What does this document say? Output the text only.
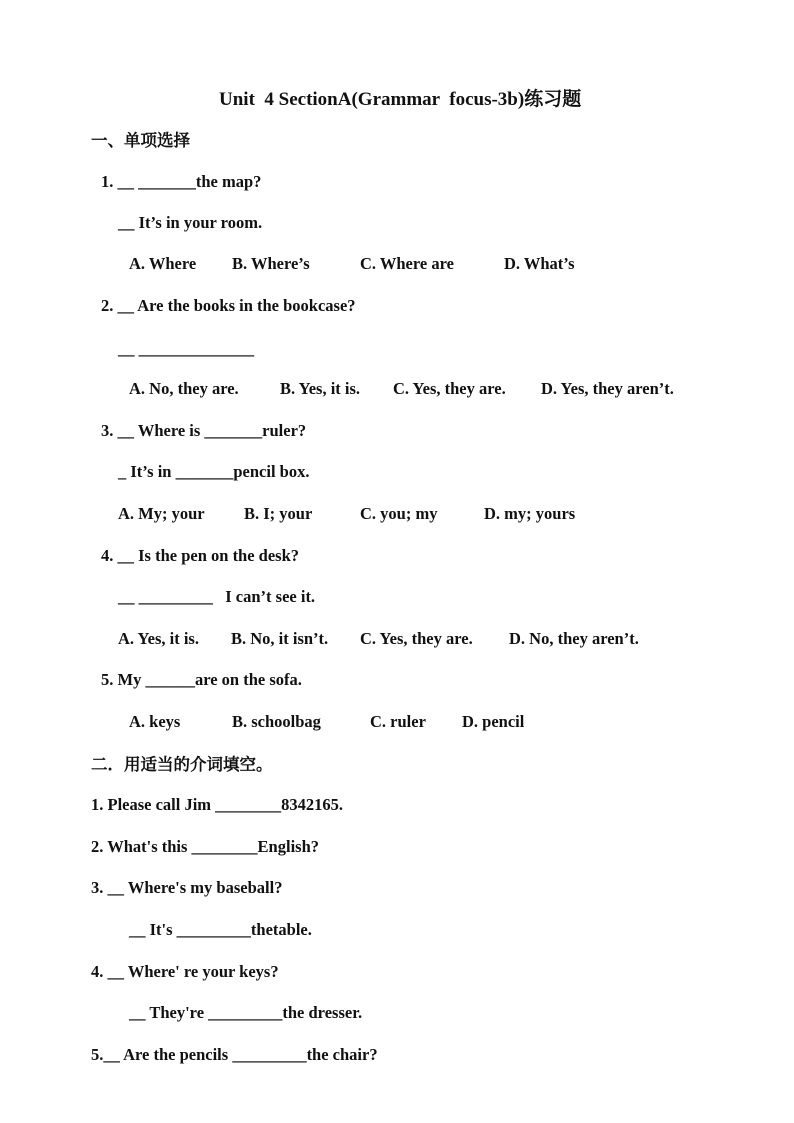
Unit  4 SectionA(Grammar  focus-3b)练习题
一、单项选择
1. __ _______the map?
__ It’s in your room.
A. Where B. Where’s	C. Where are	D. What’s
2. __ Are the books in the bookcase?
__ ______________
A. No, they are.	B. Yes, it is. C. Yes, they are. D. Yes, they aren’t.
3. __ Where is _______ruler?
_ It’s in _______pencil box.
A. My; your B. I; your	C. you; my	D. my; yours
4. __ Is the pen on the desk?
__ _________   I can’t see it.
A. Yes, it is. B. No, it isn’t. C. Yes, they are. D. No, they aren’t.
5. My ______are on the sofa.
A. keys	B. schoolbag	C. ruler D. pencil
二．用适当的介词填空。
1. Please call Jim ________8342165.
2. What's this ________English?
3. __ Where's my baseball?
__ It's _________thetable.
4. __ Where' re your keys?
__ They're _________the dresser.
5.__ Are the pencils _________the chair?
